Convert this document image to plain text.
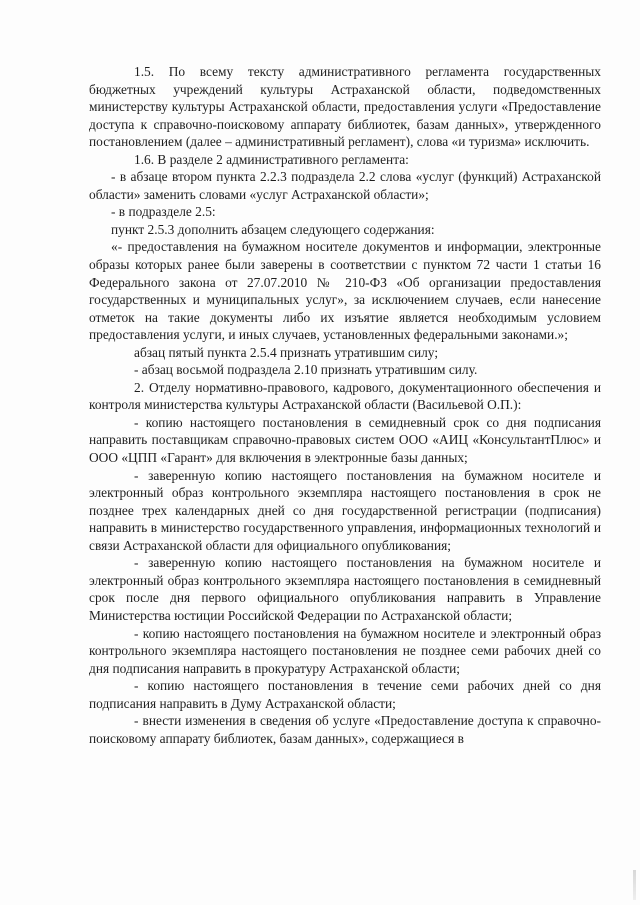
1.5. По всему тексту административного регламента государственных бюджетных учреждений культуры Астраханской области, подведомственных министерству культуры Астраханской области, предоставления услуги «Предоставление доступа к справочно-поисковому аппарату библиотек, базам данных», утвержденного постановлением (далее – административный регламент), слова «и туризма» исключить.

1.6. В разделе 2 административного регламента:

- в абзаце втором пункта 2.2.3 подраздела 2.2 слова «услуг (функций) Астраханской области» заменить словами «услуг Астраханской области»;

- в подразделе 2.5:

пункт 2.5.3 дополнить абзацем следующего содержания:

«- предоставления на бумажном носителе документов и информации, электронные образы которых ранее были заверены в соответствии с пунктом 72 части 1 статьи 16 Федерального закона от 27.07.2010 № 210-ФЗ «Об организации предоставления государственных и муниципальных услуг», за исключением случаев, если нанесение отметок на такие документы либо их изъятие является необходимым условием предоставления услуги, и иных случаев, установленных федеральными законами.»;

абзац пятый пункта 2.5.4 признать утратившим силу;

- абзац восьмой подраздела 2.10 признать утратившим силу.

2. Отделу нормативно-правового, кадрового, документационного обеспечения и контроля министерства культуры Астраханской области (Васильевой О.П.):

- копию настоящего постановления в семидневный срок со дня подписания направить поставщикам справочно-правовых систем ООО «АИЦ «КонсультантПлюс» и ООО «ЦПП «Гарант» для включения в электронные базы данных;

- заверенную копию настоящего постановления на бумажном носителе и электронный образ контрольного экземпляра настоящего постановления в срок не позднее трех календарных дней со дня государственной регистрации (подписания) направить в министерство государственного управления, информационных технологий и связи Астраханской области для официального опубликования;

- заверенную копию настоящего постановления на бумажном носителе и электронный образ контрольного экземпляра настоящего постановления в семидневный срок после дня первого официального опубликования направить в Управление Министерства юстиции Российской Федерации по Астраханской области;

- копию настоящего постановления на бумажном носителе и электронный образ контрольного экземпляра настоящего постановления не позднее семи рабочих дней со дня подписания направить в прокуратуру Астраханской области;

- копию настоящего постановления в течение семи рабочих дней со дня подписания направить в Думу Астраханской области;

- внести изменения в сведения об услуге «Предоставление доступа к справочно-поисковому аппарату библиотек, базам данных», содержащиеся в
